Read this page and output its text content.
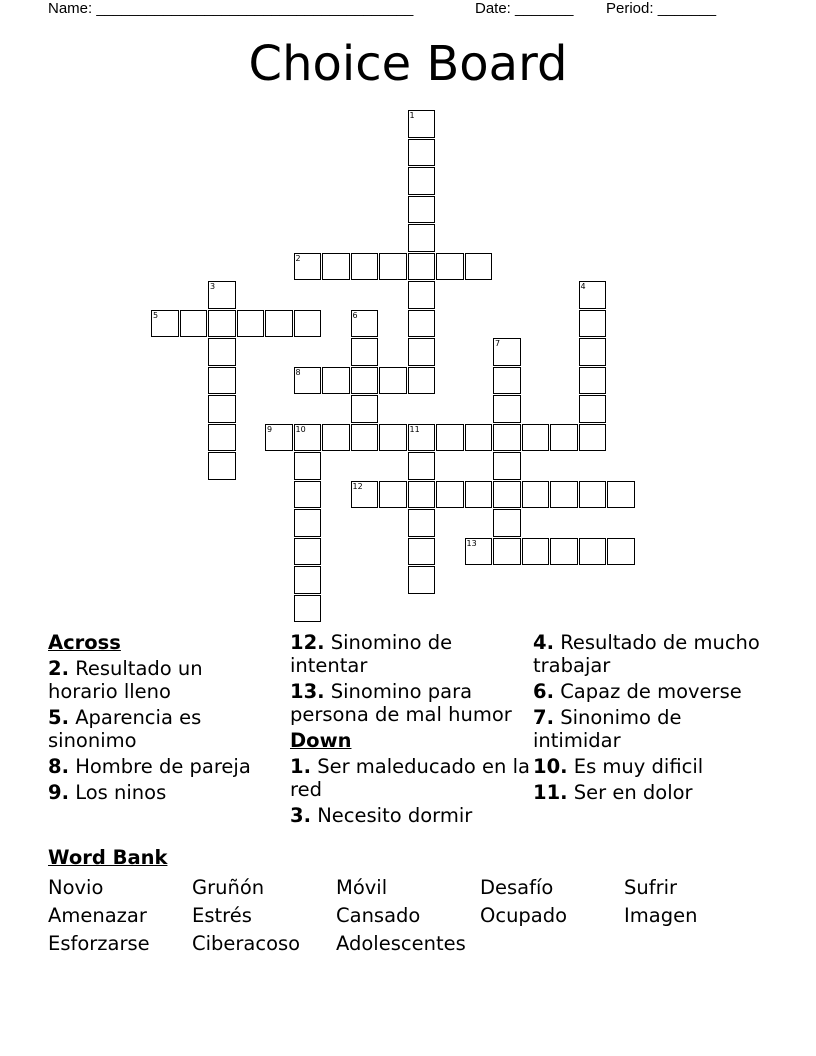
Name: ______________________________________	Date: _______ Period: _______
Choice Board
1
2
3	4
5	6
7
8
9	10	11
12
13
Across
2. Resultado un horario lleno
5. Aparencia es sinonimo
8. Hombre de pareja
9. Los ninos
12. Sinomino de intentar
13. Sinomino para persona de mal humor
Down
1. Ser maleducado en la red
3. Necesito dormir
4. Resultado de mucho trabajar
6. Capaz de moverse
7. Sinonimo de intimidar
10. Es muy dificil
11. Ser en dolor
Word Bank
Novio	Gruñón	Móvil	Desafío	Sufrir
Amenazar Estrés	Cansado	Ocupado	Imagen
Esforzarse Ciberacoso Adolescentes
